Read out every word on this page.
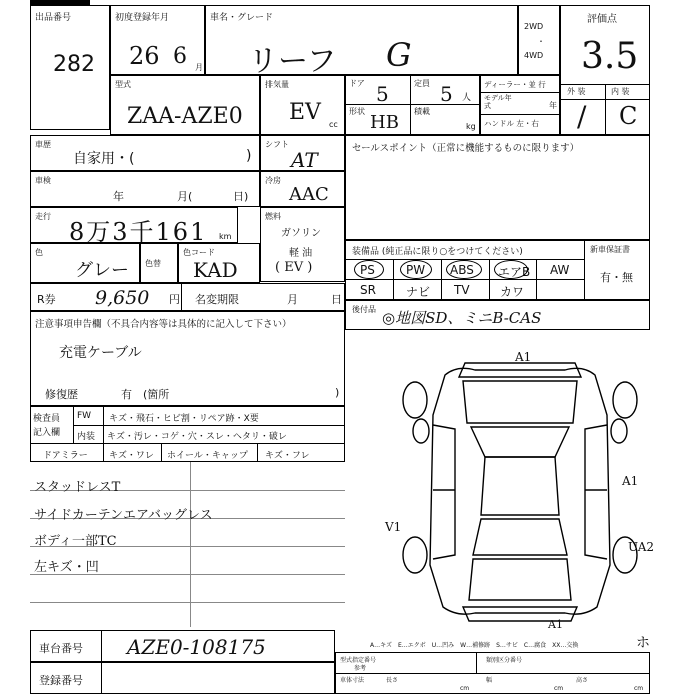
出品番号
282
初度登録年月
26 6 月
車名・グレード
リーフ G
2WD
・
4WD
評価点
3.5
外 装	内 装
/ C
型式
ZAA-AZE0
排気量
EV cc
ドア 5	定員 5 人
形状
HB
積載
kg
ディーラー・並 行
モデル年式	年
ハンドル 左・右
車歴
自家用・(	)
シフト
AT
車検
年	月(	日)
冷房
AAC
走行
8万3千161 km
燃料
ガソリン
軽 油
( EV )
色
グレー 色替
色コード
KAD
R券 9,650 円 名変期限	月	日
注意事項申告欄（不具合内容等は具体的に記入して下さい）
充電ケーブル
修復歴	有 (箇所	)
検査員
記入欄
FW キズ・飛石・ヒビ割・リペア跡・X要
内装 キズ・汚レ・コゲ・穴・スレ・ヘタリ・破レ
ドアミラー キズ・ワレ ホイール・キャップ キズ・フレ
スタッドレスT
サイドカーテンエアバッグレス
ボディ一部TC
左キズ・凹
セールスポイント（正常に機能するものに限ります）
装備品 (純正品に限り○をつけてください)	新車保証書
有・無
PS	PW ABS エアB AW
SR	ナビ TV	カワ
後付品 ◎地図SD、ミニB-CAS
A1
A1
V1
UA2
A1
車台番号 AZE0-108175
登録番号
A…キズ　E…エクボ　U…凹み　W…補修跡　S…サビ　C…腐食　XX…交換	ホ
型式指定番号
参考
類別区分番号
車体寸法	長さ	幅	高さ
cm	cm	cm
